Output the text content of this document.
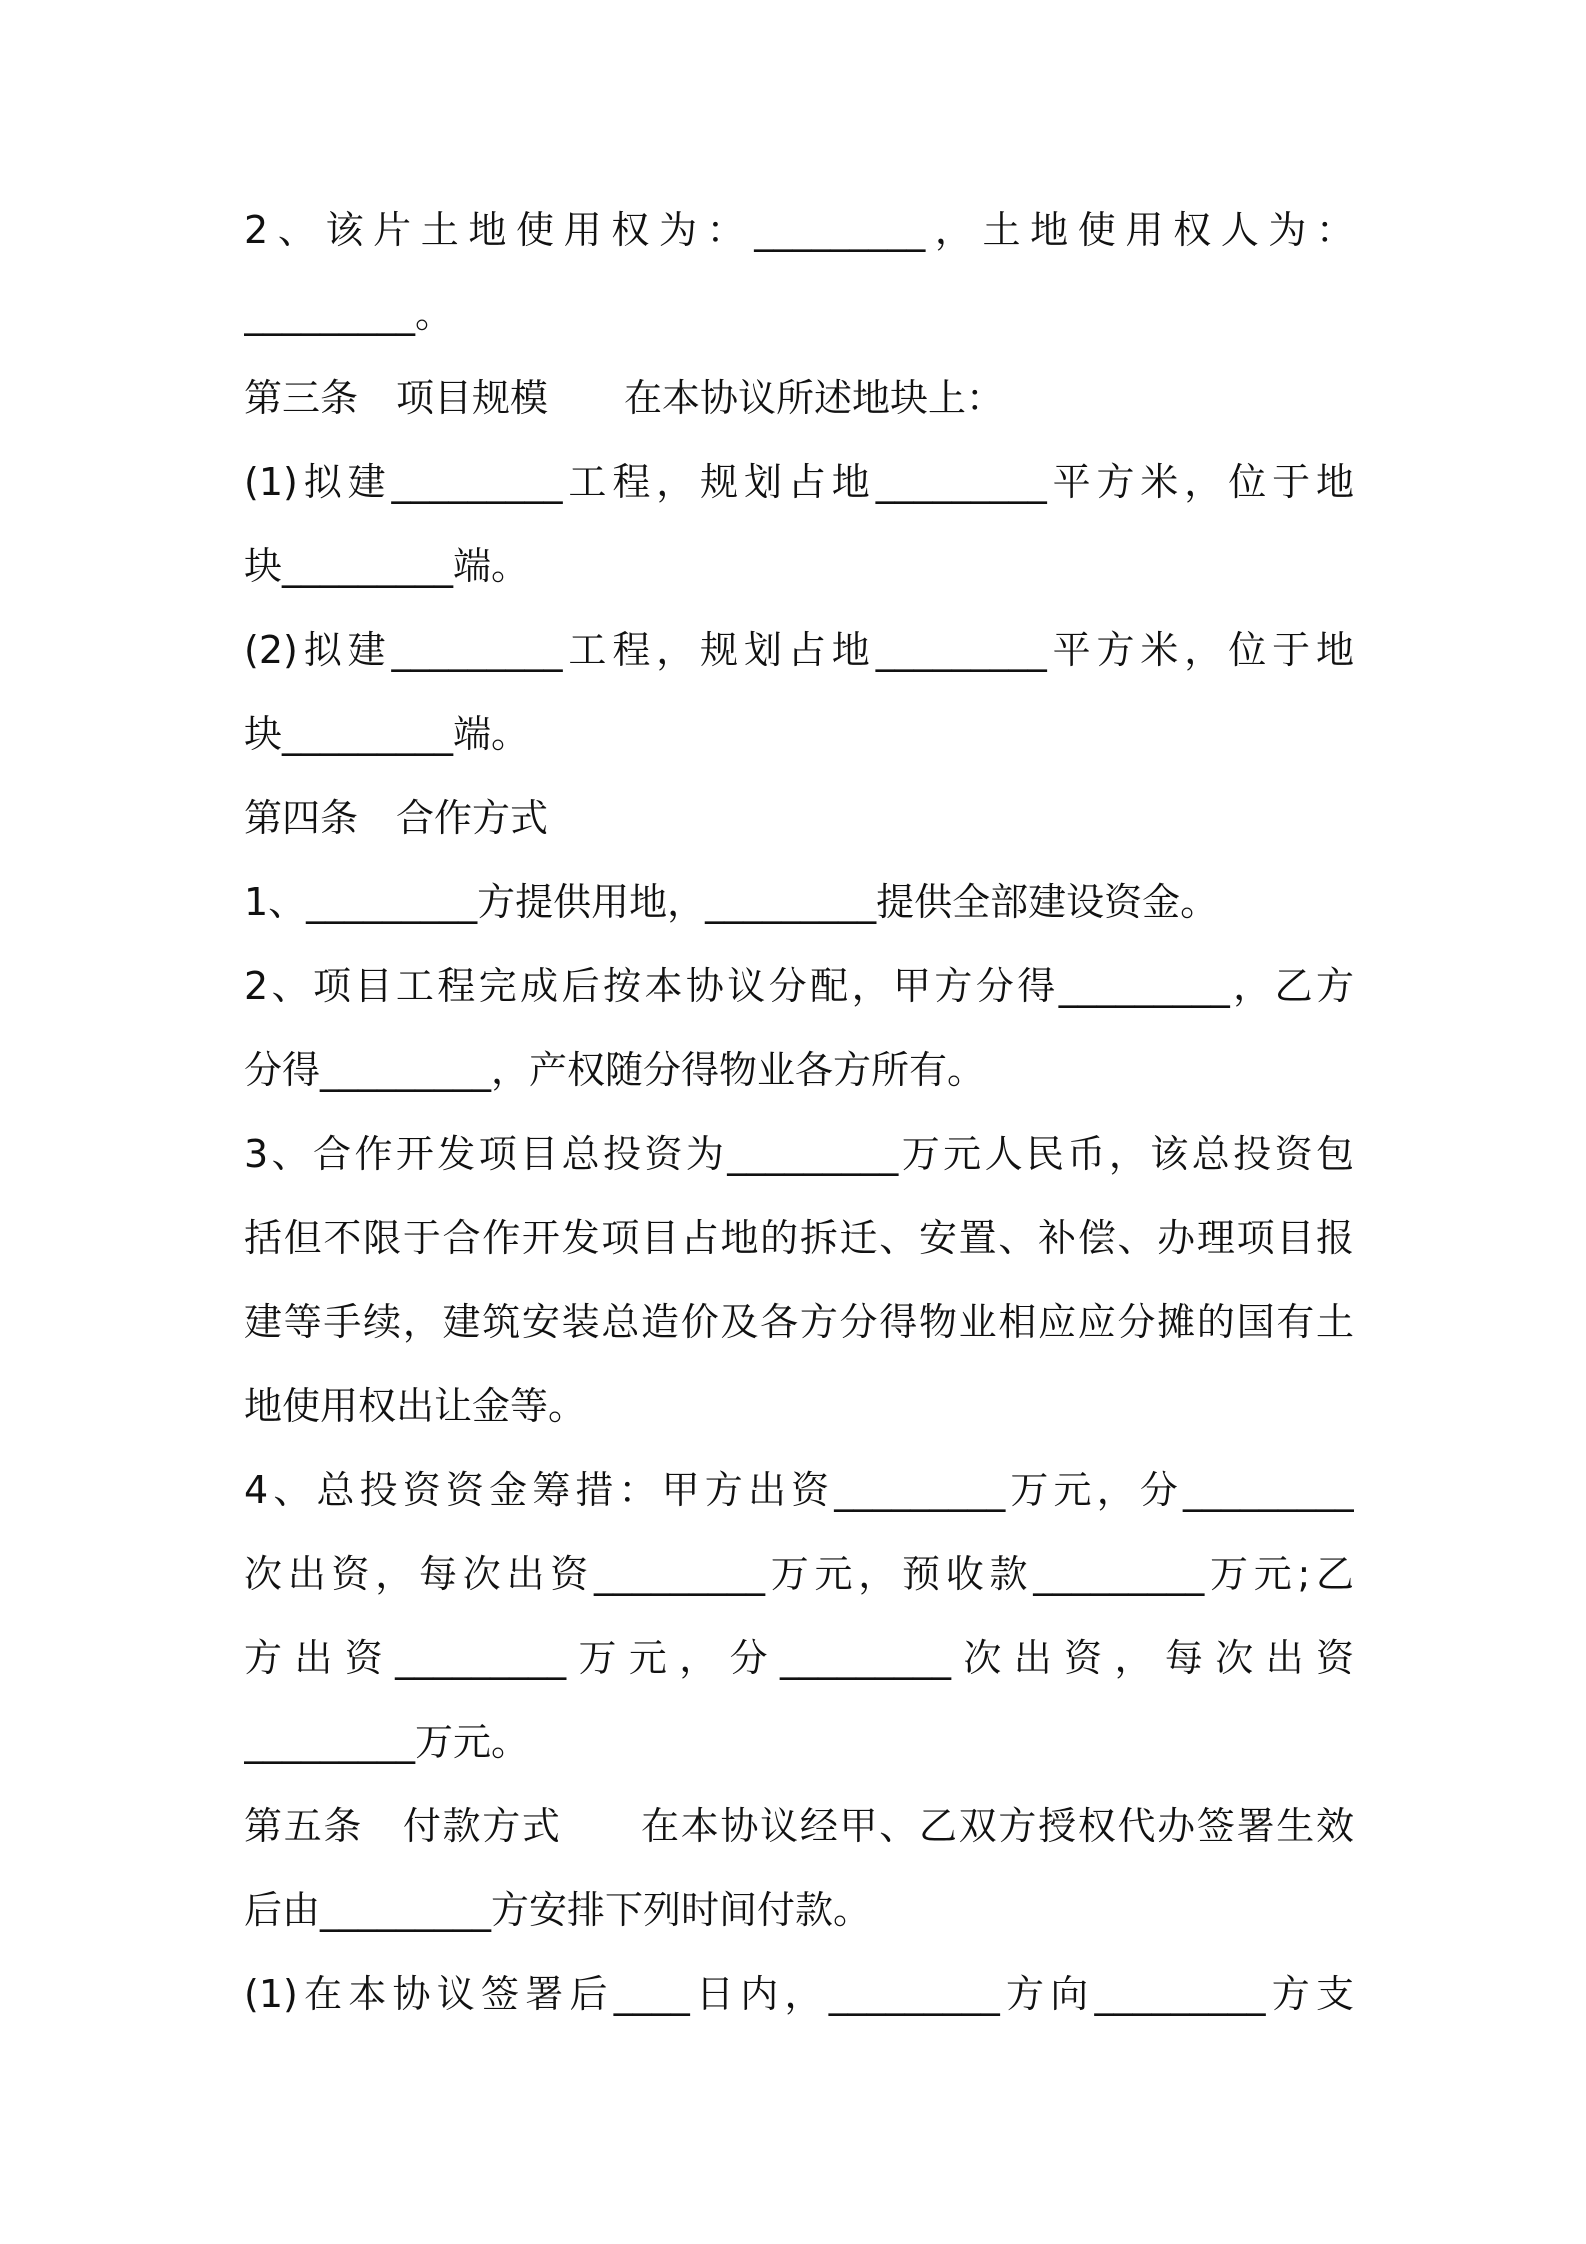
2、该片土地使用权为：_________，土地使用权人为：
_________。
第三条　项目规模　　在本协议所述地块上：
(1)拟建_________工程，规划占地_________平方米，位于地
块_________端。
(2)拟建_________工程，规划占地_________平方米，位于地
块_________端。
第四条　合作方式
1、_________方提供用地，_________提供全部建设资金。
2、项目工程完成后按本协议分配，甲方分得_________，乙方
分得_________，产权随分得物业各方所有。
3、合作开发项目总投资为_________万元人民币，该总投资包
括但不限于合作开发项目占地的拆迁、安置、补偿、办理项目报
建等手续，建筑安装总造价及各方分得物业相应应分摊的国有土
地使用权出让金等。
4、总投资资金筹措：甲方出资_________万元，分_________
次出资，每次出资_________万元，预收款_________万元;乙
方出资_________万元，分_________次出资，每次出资
_________万元。
第五条　付款方式　　在本协议经甲、乙双方授权代办签署生效
后由_________方安排下列时间付款。
(1)在本协议签署后____日内，_________方向_________方支
